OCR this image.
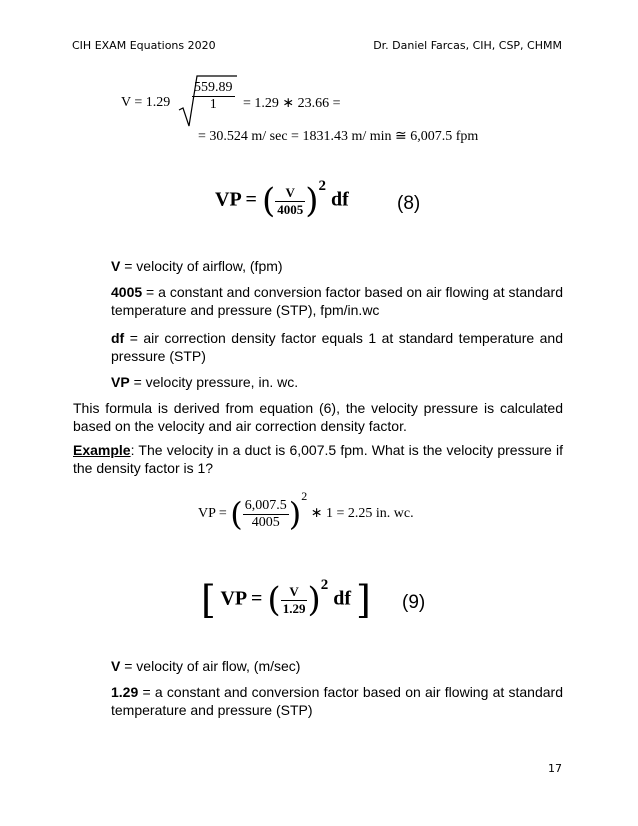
CIH EXAM Equations 2020	Dr. Daniel Farcas, CIH, CSP, CHMM
$V = 1.29 \frac{559.89}{1} = 1.29$ ∗ 23.66 =
= 30.524 m/ sec = 1831.43 m/ min ≅ 6,007.5 fpm
VP = ( $\frac{V}{4005} )^2$ df	(8)
V = velocity of airflow, (fpm)
4005 = a constant and conversion factor based on air flowing at standard temperature and pressure (STP), fpm/in.wc
df = air correction density factor equals 1 at standard temperature and pressure (STP)
VP = velocity pressure, in. wc.
This formula is derived from equation (6), the velocity pressure is calculated based on the velocity and air correction density factor.
Example: The velocity in a duct is 6,007.5 fpm. What is the velocity pressure if the density factor is 1?
VP = ( $\frac{6,007.5}{4005} )2$ ∗ 1 = 2.25 in. wc.
[ VP = ( $\frac{V}{1.29} )^2$ df ] (9)
V = velocity of air flow, (m/sec)
1.29 = a constant and conversion factor based on air flowing at standard temperature and pressure (STP)
17
